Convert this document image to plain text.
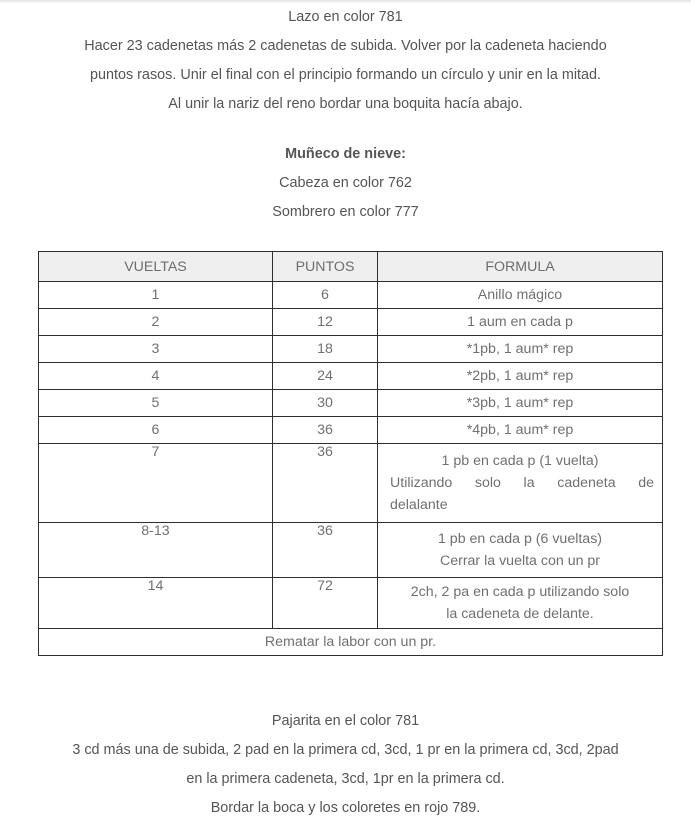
Lazo en color 781
Hacer 23 cadenetas más 2 cadenetas de subida. Volver por la cadeneta haciendo
puntos rasos. Unir el final con el principio formando un círculo y unir en la mitad.
Al unir la nariz del reno bordar una boquita hacía abajo.
Muñeco de nieve:
Cabeza en color 762
Sombrero en color 777
VUELTAS	PUNTOS	FORMULA
1	6	Anillo mágico
2	12	1 aum en cada p
3	18	*1pb, 1 aum* rep
4	24	*2pb, 1 aum* rep
5	30	*3pb, 1 aum* rep
6	36	*4pb, 1 aum* rep
7	36	1 pb en cada p (1 vuelta)
Utilizando solo la cadeneta de
delalante

8-13	36	1 pb en cada p (6 vueltas)
Cerrar la vuelta con un pr

14	72	2ch, 2 pa en cada p utilizando solo
la cadeneta de delante.

Rematar la labor con un pr.		
Pajarita en el color 781
3 cd más una de subida, 2 pad en la primera cd, 3cd, 1 pr en la primera cd, 3cd, 2pad
en la primera cadeneta, 3cd, 1pr en la primera cd.
Bordar la boca y los coloretes en rojo 789.
